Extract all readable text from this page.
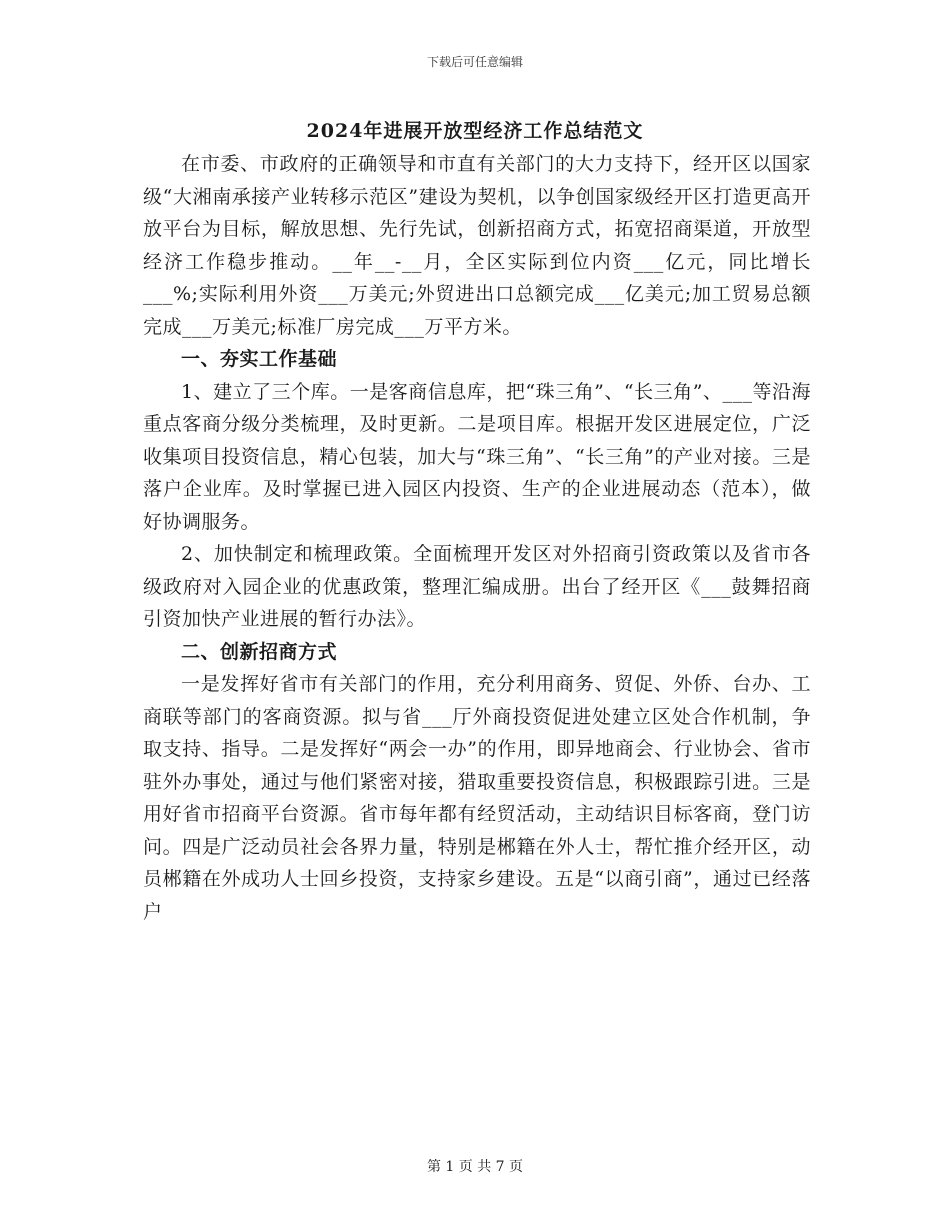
下载后可任意编辑
2024年进展开放型经济工作总结范文

在市委、市政府的正确领导和市直有关部门的大力支持下，经开区以国家级“大湘南承接产业转移示范区”建设为契机，以争创国家级经开区打造更高开放平台为目标，解放思想、先行先试，创新招商方式，拓宽招商渠道，开放型经济工作稳步推动。__年__-__月，全区实际到位内资___亿元，同比增长___%;实际利用外资___万美元;外贸进出口总额完成___亿美元;加工贸易总额完成___万美元;标准厂房完成___万平方米。

一、夯实工作基础

1、建立了三个库。一是客商信息库，把“珠三角”、“长三角”、___等沿海重点客商分级分类梳理，及时更新。二是项目库。根据开发区进展定位，广泛收集项目投资信息，精心包装，加大与“珠三角”、“长三角”的产业对接。三是落户企业库。及时掌握已进入园区内投资、生产的企业进展动态（范本），做好协调服务。

2、加快制定和梳理政策。全面梳理开发区对外招商引资政策以及省市各级政府对入园企业的优惠政策，整理汇编成册。出台了经开区《___鼓舞招商引资加快产业进展的暂行办法》。

二、创新招商方式

一是发挥好省市有关部门的作用，充分利用商务、贸促、外侨、台办、工商联等部门的客商资源。拟与省___厅外商投资促进处建立区处合作机制，争取支持、指导。二是发挥好“两会一办”的作用，即异地商会、行业协会、省市驻外办事处，通过与他们紧密对接，猎取重要投资信息，积极跟踪引进。三是用好省市招商平台资源。省市每年都有经贸活动，主动结识目标客商，登门访问。四是广泛动员社会各界力量，特别是郴籍在外人士，帮忙推介经开区，动员郴籍在外成功人士回乡投资，支持家乡建设。五是“以商引商”，通过已经落户

第 1 页 共 7 页
